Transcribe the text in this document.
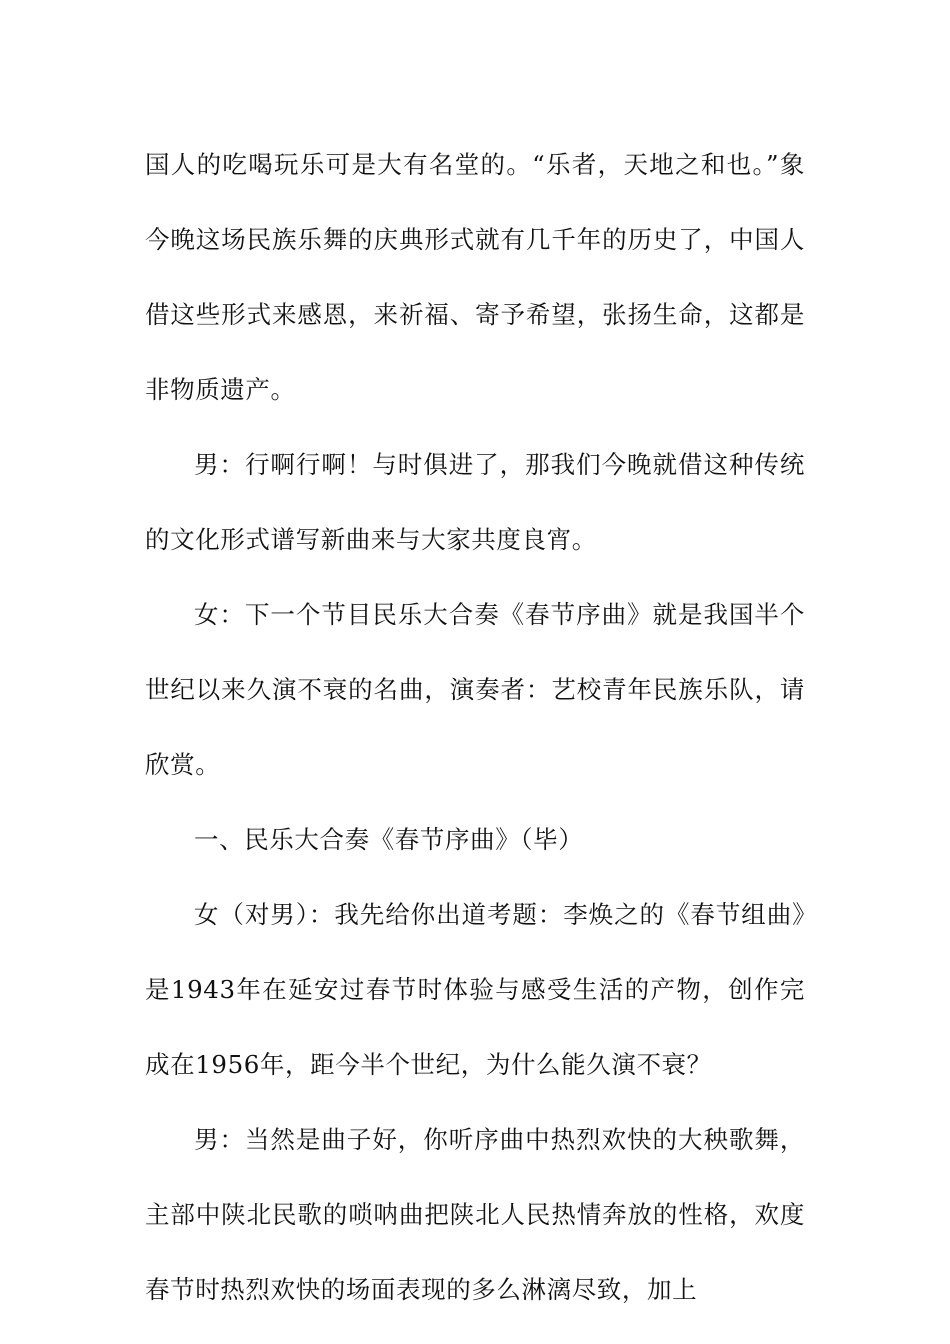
国人的吃喝玩乐可是大有名堂的。“乐者，天地之和也。”象今晚这场民族乐舞的庆典形式就有几千年的历史了，中国人借这些形式来感恩，来祈福、寄予希望，张扬生命，这都是非物质遗产。

男：行啊行啊！与时俱进了，那我们今晚就借这种传统的文化形式谱写新曲来与大家共度良宵。

女：下一个节目民乐大合奏《春节序曲》就是我国半个世纪以来久演不衰的名曲，演奏者：艺校青年民族乐队，请欣赏。

一、民乐大合奏《春节序曲》（毕）

女（对男）：我先给你出道考题：李焕之的《春节组曲》是1943年在延安过春节时体验与感受生活的产物，创作完成在1956年，距今半个世纪，为什么能久演不衰？

男：当然是曲子好，你听序曲中热烈欢快的大秧歌舞，主部中陕北民歌的唢呐曲把陕北人民热情奔放的性格，欢度春节时热烈欢快的场面表现的多么淋漓尽致，加上
